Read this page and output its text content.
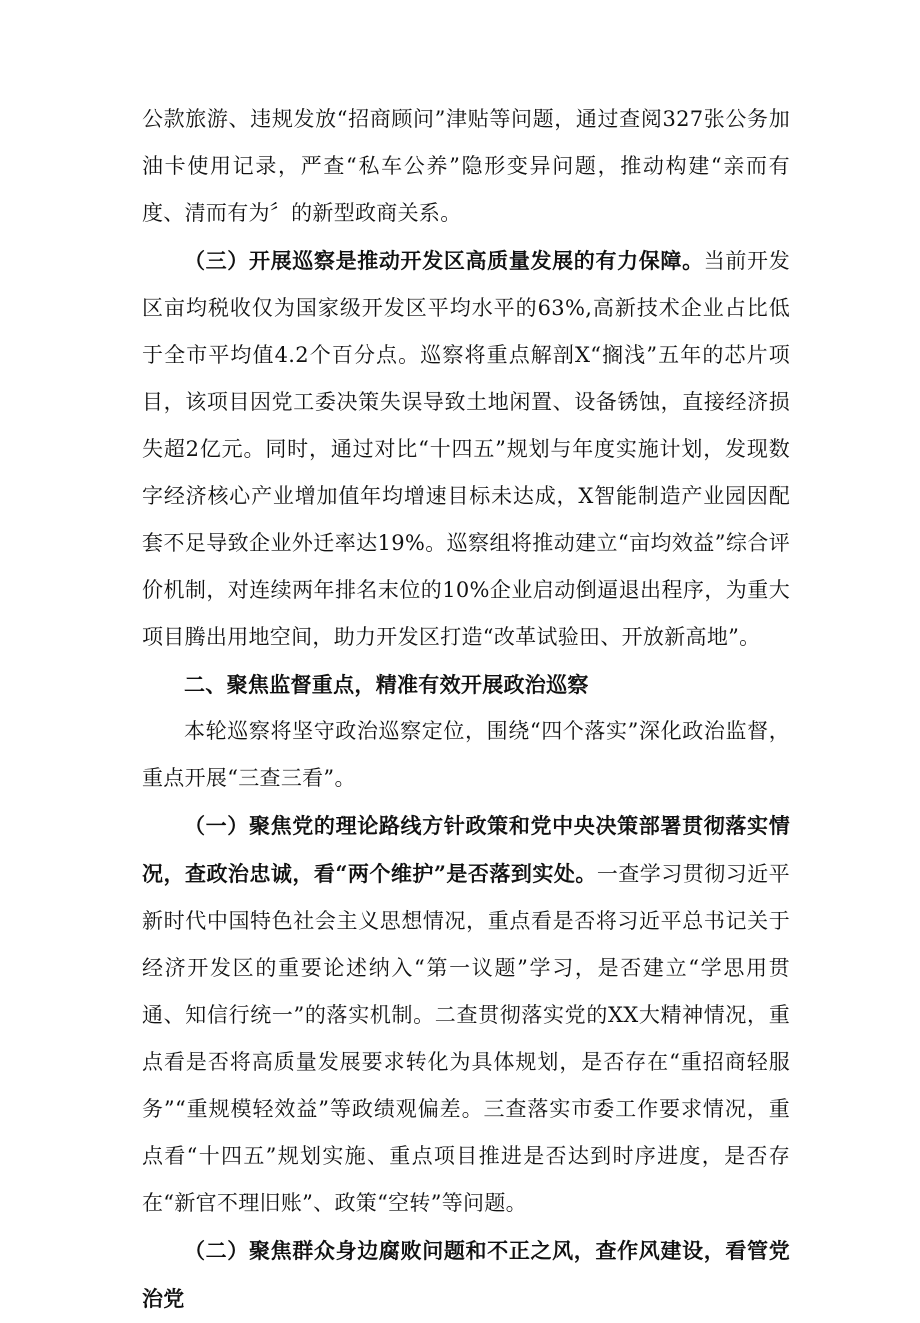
公款旅游、违规发放“招商顾问”津贴等问题，通过查阅327张公务加油卡使用记录，严查“私车公养”隐形变异问题，推动构建“亲而有度、清而有为〞的新型政商关系。

（三）开展巡察是推动开发区高质量发展的有力保障。当前开发区亩均税收仅为国家级开发区平均水平的63%,高新技术企业占比低于全市平均值4.2个百分点。巡察将重点解剖X“搁浅”五年的芯片项目，该项目因党工委决策失误导致土地闲置、设备锈蚀，直接经济损失超2亿元。同时，通过对比“十四五”规划与年度实施计划，发现数字经济核心产业增加值年均增速目标未达成，X智能制造产业园因配套不足导致企业外迁率达19%。巡察组将推动建立“亩均效益”综合评价机制，对连续两年排名末位的10%企业启动倒逼退出程序，为重大项目腾出用地空间，助力开发区打造“改革试验田、开放新高地”。

二、聚焦监督重点，精准有效开展政治巡察

本轮巡察将坚守政治巡察定位，围绕“四个落实”深化政治监督，重点开展“三查三看”。

（一）聚焦党的理论路线方针政策和党中央决策部署贯彻落实情况，查政治忠诚，看“两个维护”是否落到实处。一查学习贯彻习近平新时代中国特色社会主义思想情况，重点看是否将习近平总书记关于经济开发区的重要论述纳入“第一议题”学习，是否建立“学思用贯通、知信行统一”的落实机制。二查贯彻落实党的XX大精神情况，重点看是否将高质量发展要求转化为具体规划，是否存在“重招商轻服务”“重规模轻效益”等政绩观偏差。三查落实市委工作要求情况，重点看“十四五”规划实施、重点项目推进是否达到时序进度，是否存在“新官不理旧账”、政策“空转”等问题。

（二）聚焦群众身边腐败问题和不正之风，查作风建设，看管党治党
